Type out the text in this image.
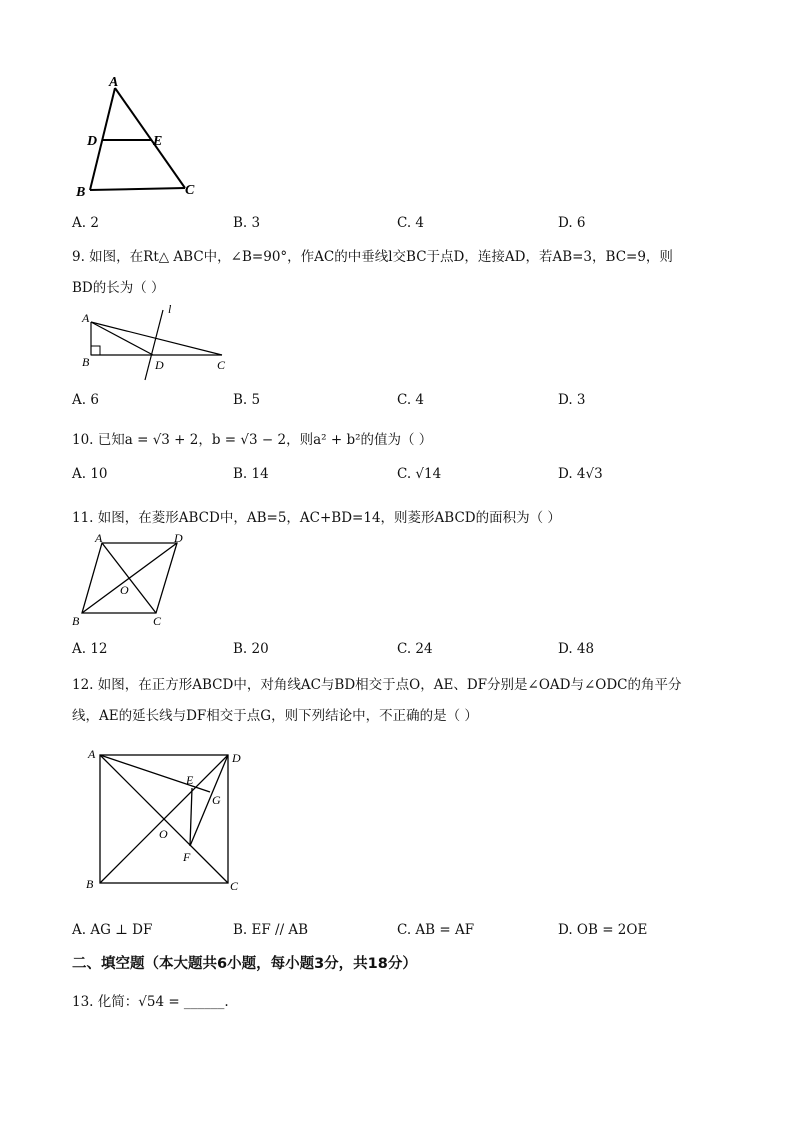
A
D	E
B	C
A. 2	B. 3	C. 4	D. 6
9. 如图，在Rt△ ABC中，∠B=90°，作AC的中垂线l交BC于点D，连接AD，若AB=3，BC=9，则
BD的长为（ ）
A
l
B	D	C
A. 6	B. 5	C. 4	D. 3
10. 已知a = √3 + 2，b = √3 − 2，则a² + b²的值为（ ）
A. 10	B. 14	C. √14	D. 4√3
11. 如图，在菱形ABCD中，AB=5，AC+BD=14，则菱形ABCD的面积为（ ）
A	D
O
B	C
A. 12	B. 20	C. 24	D. 48
12. 如图，在正方形ABCD中，对角线AC与BD相交于点O，AE、DF分别是∠OAD与∠ODC的角平分
线，AE的延长线与DF相交于点G，则下列结论中，不正确的是（ ）
A	D
E
G
O
F
B	C
A. AG ⊥ DF	B. EF // AB	C. AB = AF	D. OB = 2OE
二、填空题（本大题共6小题，每小题3分，共18分）
13. 化简：√54 = ______.
